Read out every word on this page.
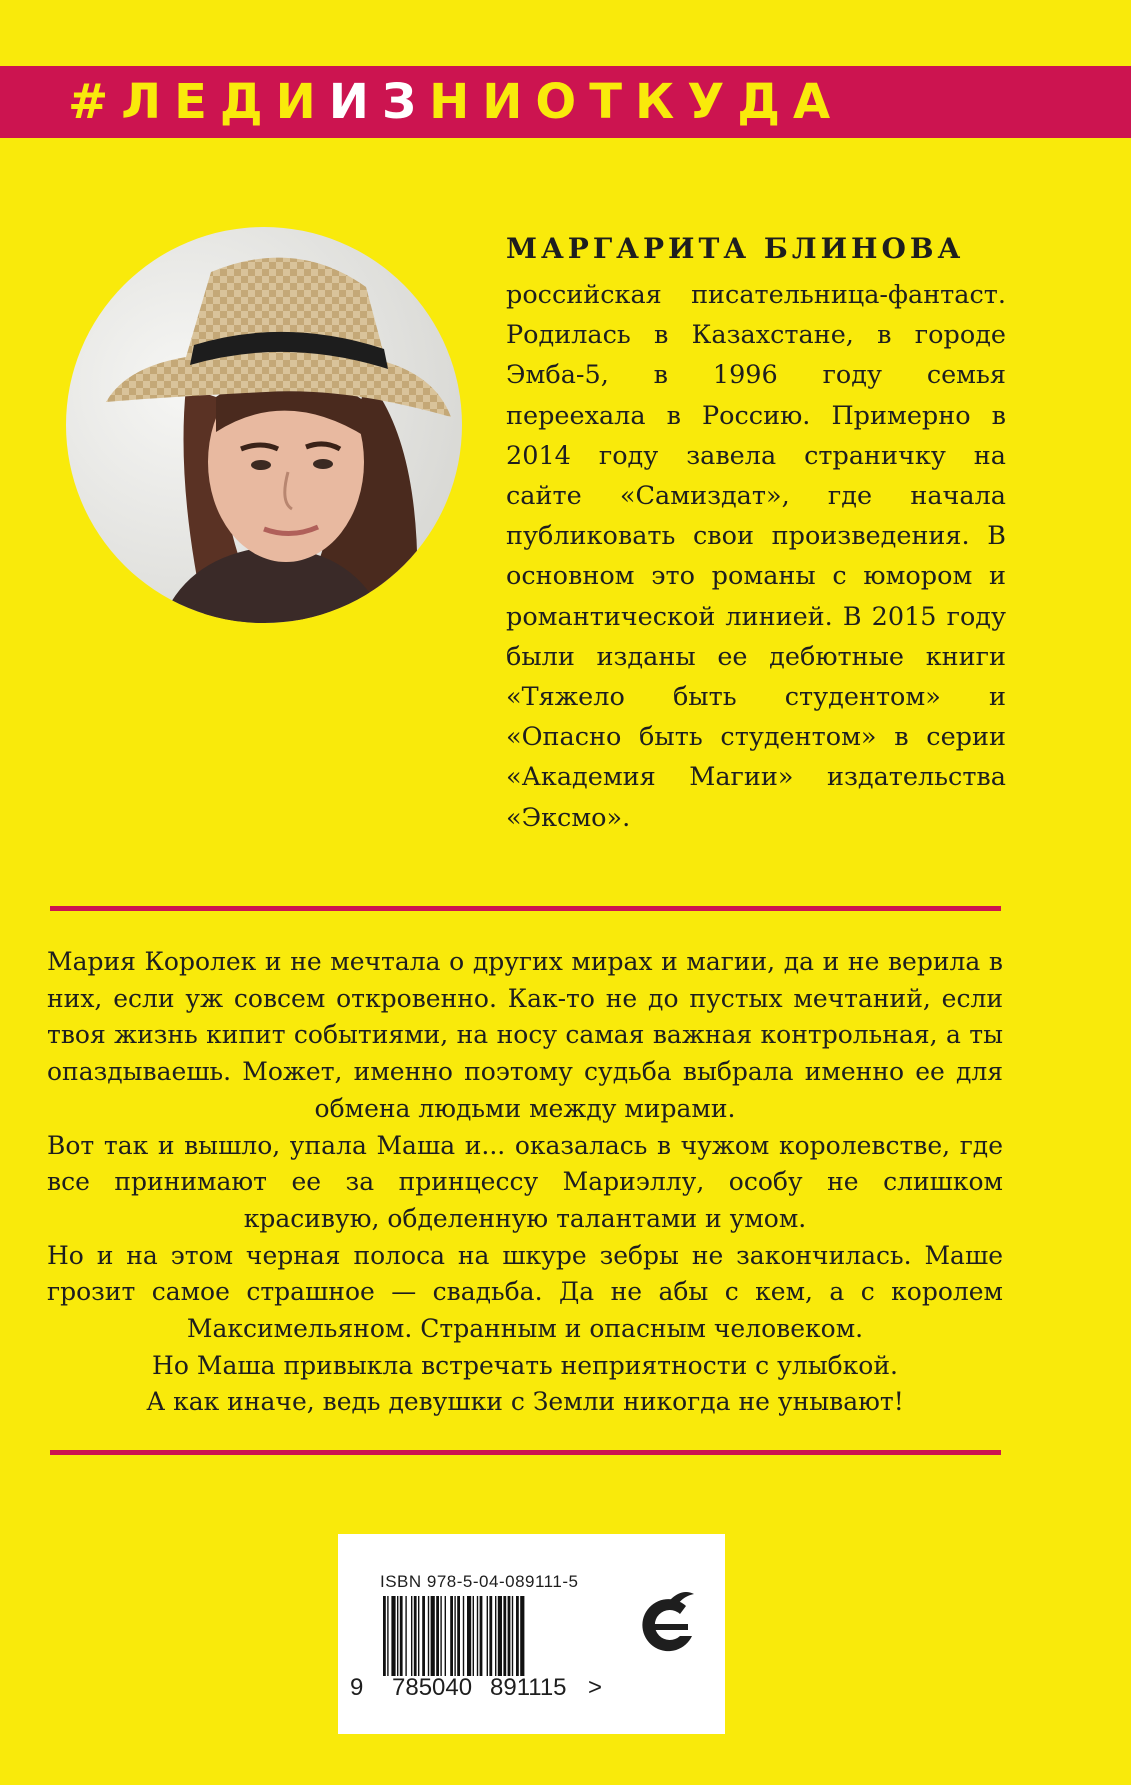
#ЛЕДИИЗНИОТКУДА
МАРГАРИТА БЛИНОВА
российская писательница-фантаст. Родилась в Казахстане, в городе Эмба-5, в 1996 году семья переехала в Россию. Примерно в 2014 году завела страничку на сайте «Самиздат», где начала публиковать свои произведения. В основном это романы с юмором и романтической линией. В 2015 году были изданы ее дебютные книги «Тяжело быть студентом» и «Опасно быть студентом» в серии «Академия Магии» издательства «Эксмо».

Мария Королек и не мечтала о других мирах и магии, да и не верила в них, если уж совсем откровенно. Как-то не до пустых мечтаний, если твоя жизнь кипит событиями, на носу самая важная контрольная, а ты опаздываешь. Может, именно поэтому судьба выбрала именно ее для обмена людьми между мирами.

Вот так и вышло, упала Маша и... оказалась в чужом королевстве, где все принимают ее за принцессу Мариэллу, особу не слишком красивую, обделенную талантами и умом.

Но и на этом черная полоса на шкуре зебры не закончилась. Маше грозит самое страшное — свадьба. Да не абы с кем, а с королем Максимельяном. Странным и опасным человеком.

Но Маша привыкла встречать неприятности с улыбкой.

А как иначе, ведь девушки с Земли никогда не унывают!

ISBN 978-5-04-089111-5
9 785040 891115 >
